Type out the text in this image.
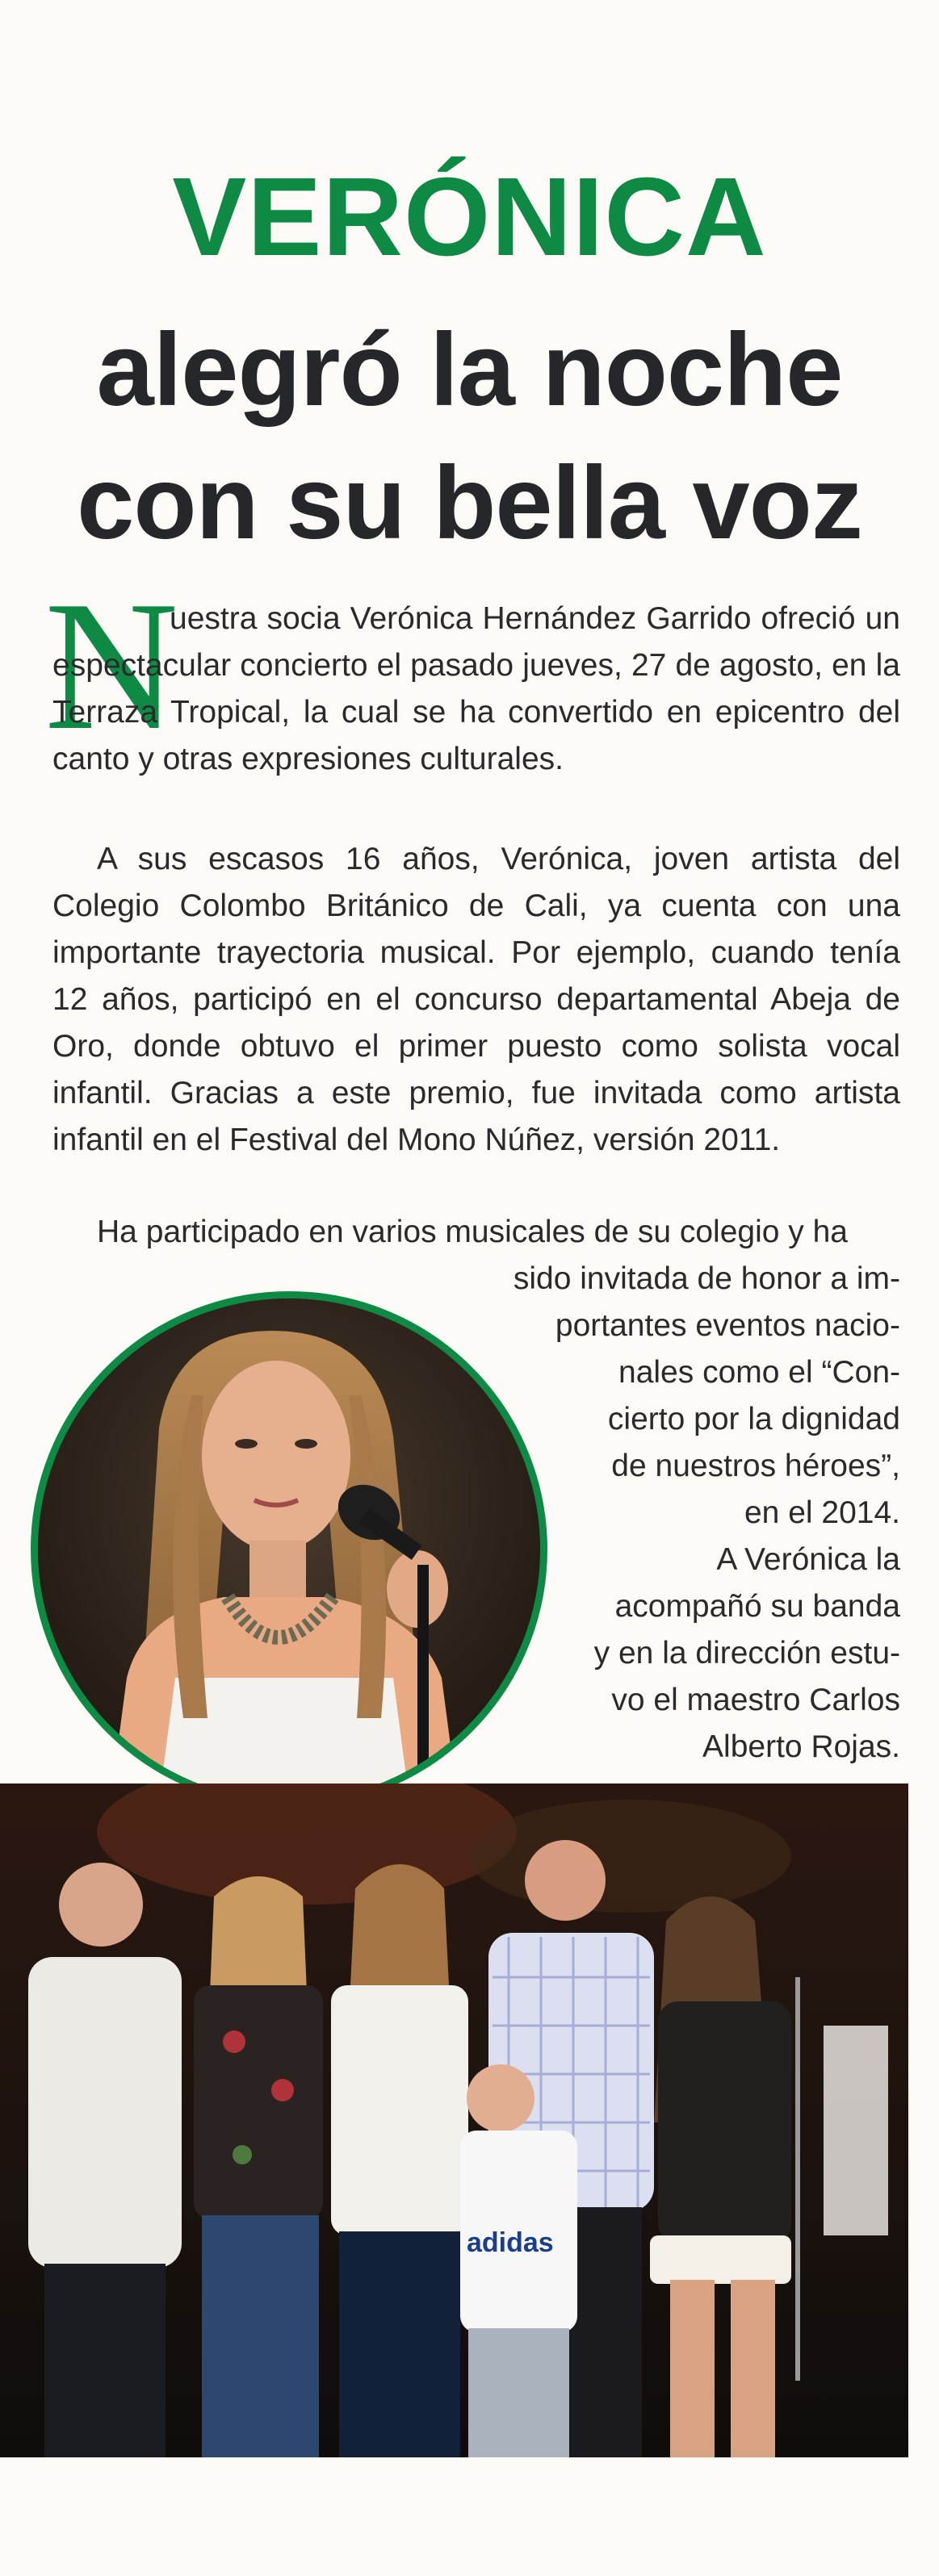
VERÓNICA
alegró la noche
con su bella voz
N
uestra socia Verónica Hernández Garrido ofreció un espectacular concierto el pasado jueves, 27 de agosto, en la Terraza Tropical, la cual se ha convertido en epicentro del canto y otras expresiones culturales.
A sus escasos 16 años, Verónica, joven artista del Colegio Colombo Británico de Cali, ya cuenta con una importante trayectoria musical. Por ejemplo, cuando tenía 12 años, participó en el concurso departamental Abeja de Oro, donde obtuvo el primer puesto como solista vocal infantil. Gracias a este premio, fue invitada como artista infantil en el Festival del Mono Núñez, versión 2011.
Ha participado en varios musicales de su colegio y ha
sido invitada de honor a im-
portantes eventos nacio-
nales como el “Con-
cierto por la dignidad
de nuestros héroes”,
en el 2014.
A Verónica la
acompañó su banda
y en la dirección estu-
vo el maestro Carlos
Alberto Rojas.
adidas
